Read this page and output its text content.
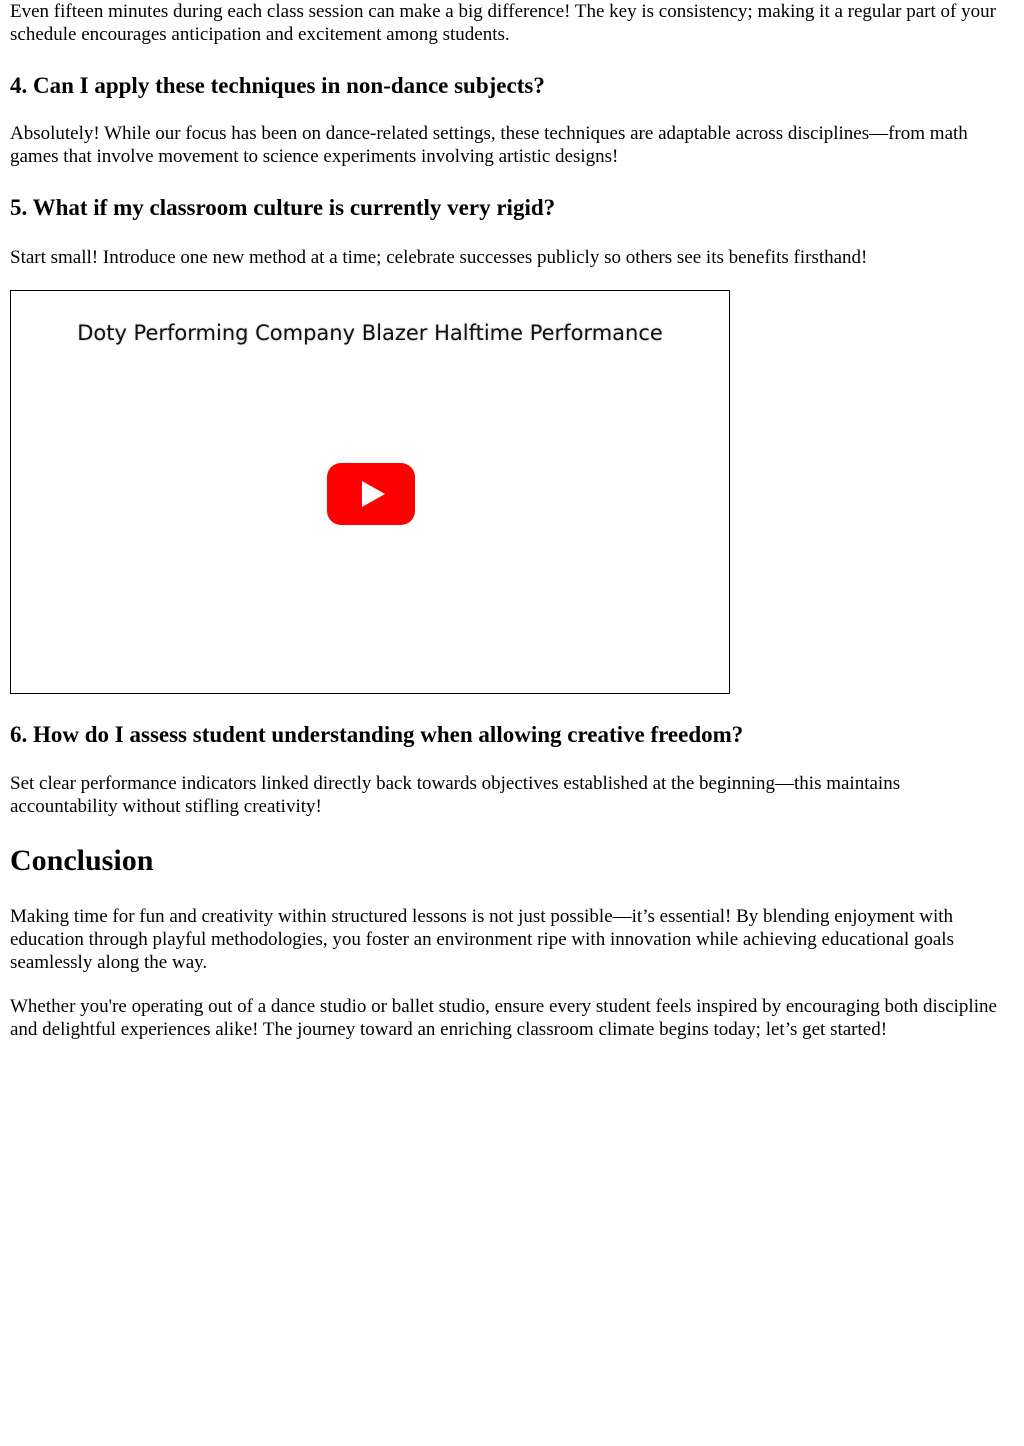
Even fifteen minutes during each class session can make a big difference! The key is consistency; making it a regular part of your schedule encourages anticipation and excitement among students.

4. Can I apply these techniques in non-dance subjects?

Absolutely! While our focus has been on dance-related settings, these techniques are adaptable across disciplines—from math games that involve movement to science experiments involving artistic designs!

5. What if my classroom culture is currently very rigid?

Start small! Introduce one new method at a time; celebrate successes publicly so others see its benefits firsthand!

Doty Performing Company Blazer Halftime Performance
6. How do I assess student understanding when allowing creative freedom?

Set clear performance indicators linked directly back towards objectives established at the beginning—this maintains accountability without stifling creativity!

Conclusion

Making time for fun and creativity within structured lessons is not just possible—it’s essential! By blending enjoyment with education through playful methodologies, you foster an environment ripe with innovation while achieving educational goals seamlessly along the way.

Whether you're operating out of a dance studio or ballet studio, ensure every student feels inspired by encouraging both discipline and delightful experiences alike! The journey toward an enriching classroom climate begins today; let’s get started!
